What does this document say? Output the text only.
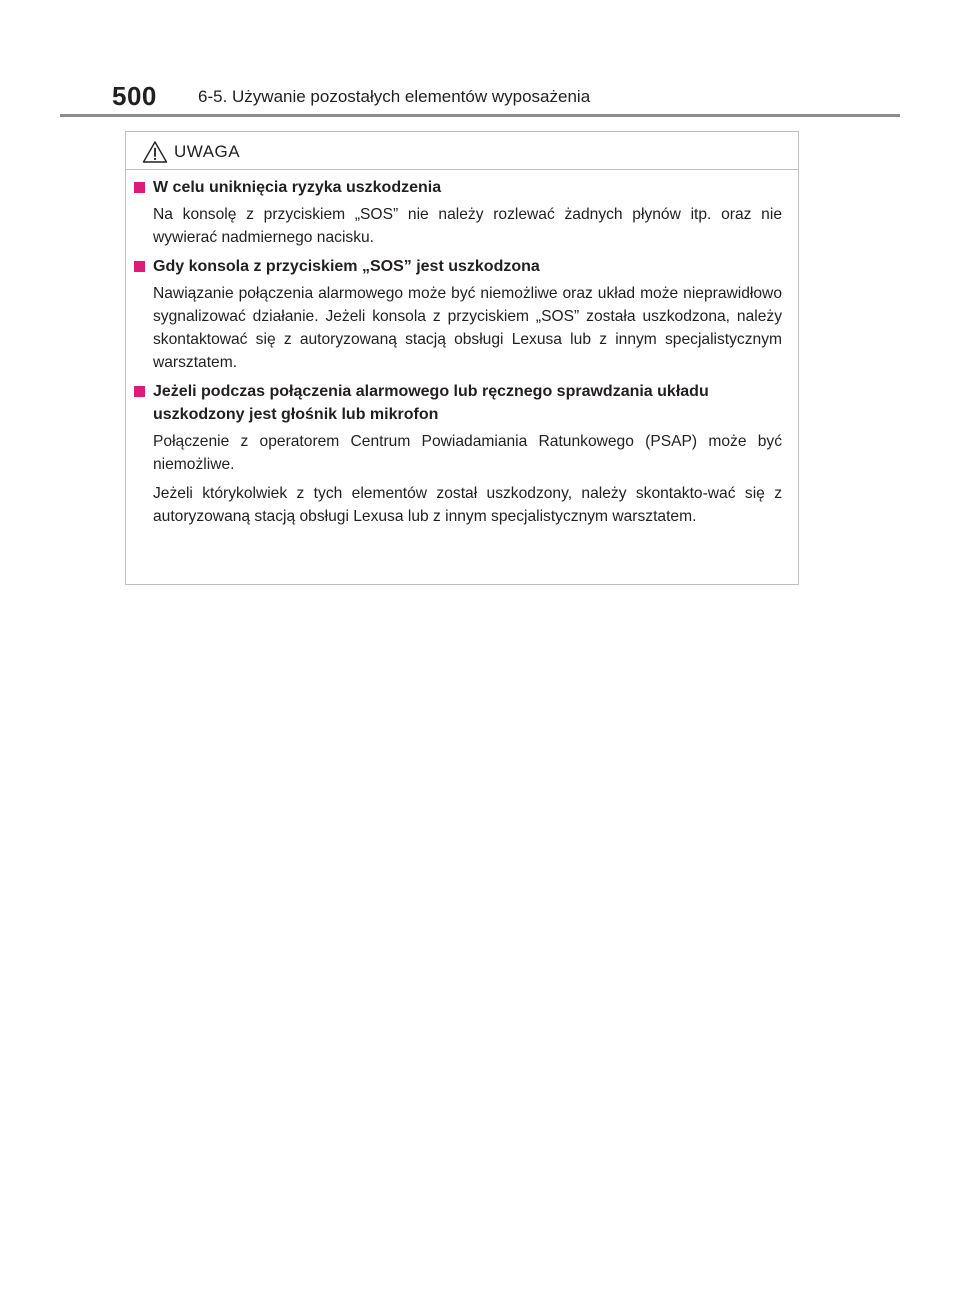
500 6-5. Używanie pozostałych elementów wyposażenia
UWAGA
W celu uniknięcia ryzyka uszkodzenia

Na konsolę z przyciskiem „SOS” nie należy rozlewać żadnych płynów itp. oraz nie wywierać nadmiernego nacisku.

Gdy konsola z przyciskiem „SOS” jest uszkodzona

Nawiązanie połączenia alarmowego może być niemożliwe oraz układ może nieprawidłowo sygnalizować działanie. Jeżeli konsola z przyciskiem „SOS” została uszkodzona, należy skontaktować się z autoryzowaną stacją obsługi Lexusa lub z innym specjalistycznym warsztatem.

Jeżeli podczas połączenia alarmowego lub ręcznego sprawdzania układu uszkodzony jest głośnik lub mikrofon

Połączenie z operatorem Centrum Powiadamiania Ratunkowego (PSAP) może być niemożliwe.

Jeżeli którykolwiek z tych elementów został uszkodzony, należy skontakto-wać się z autoryzowaną stacją obsługi Lexusa lub z innym specjalistycznym warsztatem.
